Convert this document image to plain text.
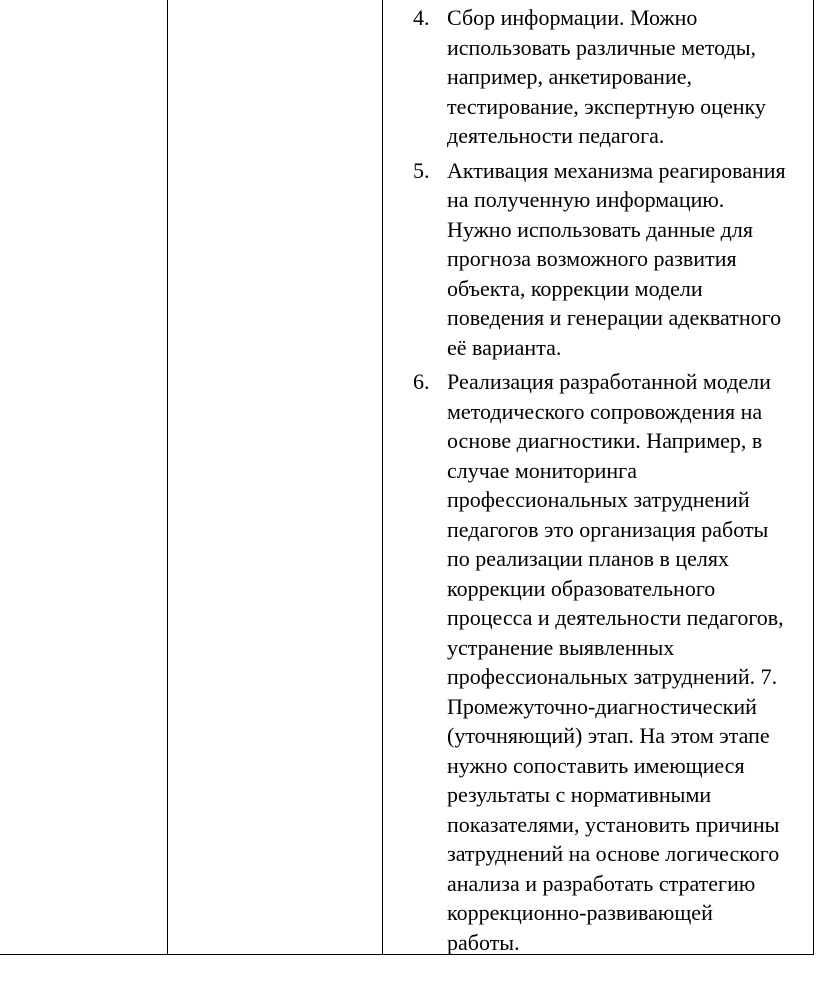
4. Сбор информации. Можно
использовать различные методы,
например, анкетирование,
тестирование, экспертную оценку
деятельности педагога.
5. Активация механизма реагирования
на полученную информацию.
Нужно использовать данные для
прогноза возможного развития
объекта, коррекции модели
поведения и генерации адекватного
её варианта.
6. Реализация разработанной модели
методического сопровождения на
основе диагностики. Например, в
случае мониторинга
профессиональных затруднений
педагогов это организация работы
по реализации планов в целях
коррекции образовательного
процесса и деятельности педагогов,
устранение выявленных
профессиональных затруднений. 7.
Промежуточно-диагностический
(уточняющий) этап. На этом этапе
нужно сопоставить имеющиеся
результаты с нормативными
показателями, установить причины
затруднений на основе логического
анализа и разработать стратегию
коррекционно-развивающей
работы.
